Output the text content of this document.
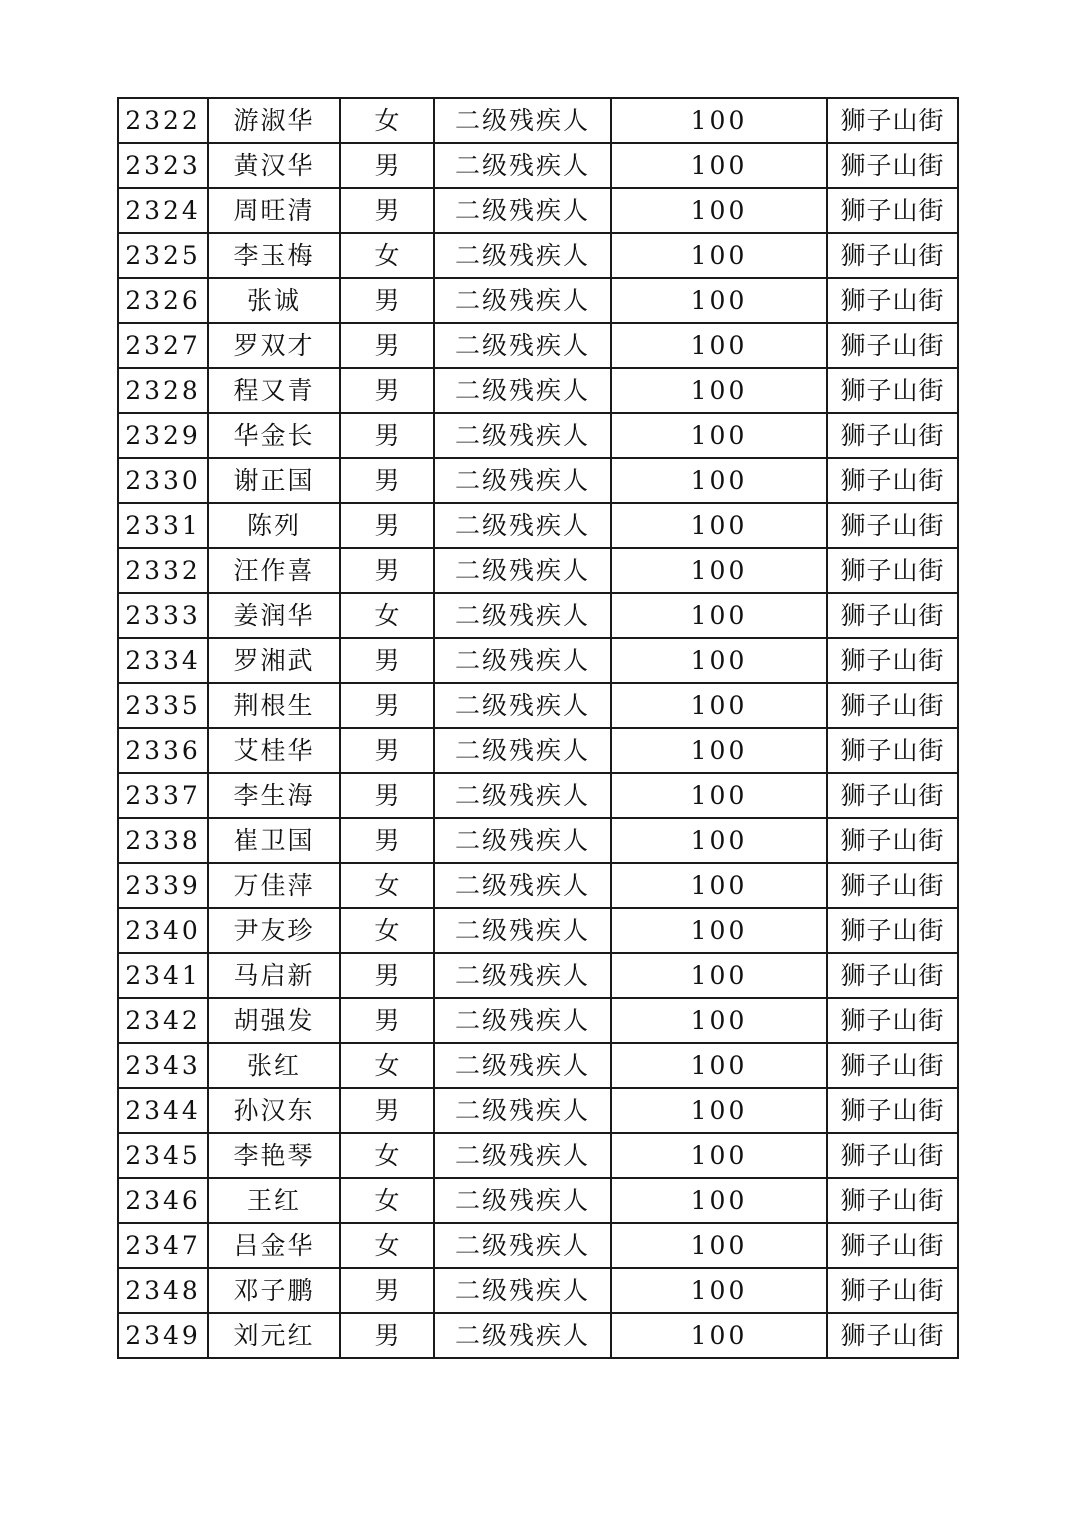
2322	游淑华	女	二级残疾人	100	狮子山街
2323	黄汉华	男	二级残疾人	100	狮子山街
2324	周旺清	男	二级残疾人	100	狮子山街
2325	李玉梅	女	二级残疾人	100	狮子山街
2326	张诚	男	二级残疾人	100	狮子山街
2327	罗双才	男	二级残疾人	100	狮子山街
2328	程又青	男	二级残疾人	100	狮子山街
2329	华金长	男	二级残疾人	100	狮子山街
2330	谢正国	男	二级残疾人	100	狮子山街
2331	陈列	男	二级残疾人	100	狮子山街
2332	汪作喜	男	二级残疾人	100	狮子山街
2333	姜润华	女	二级残疾人	100	狮子山街
2334	罗湘武	男	二级残疾人	100	狮子山街
2335	荆根生	男	二级残疾人	100	狮子山街
2336	艾桂华	男	二级残疾人	100	狮子山街
2337	李生海	男	二级残疾人	100	狮子山街
2338	崔卫国	男	二级残疾人	100	狮子山街
2339	万佳萍	女	二级残疾人	100	狮子山街
2340	尹友珍	女	二级残疾人	100	狮子山街
2341	马启新	男	二级残疾人	100	狮子山街
2342	胡强发	男	二级残疾人	100	狮子山街
2343	张红	女	二级残疾人	100	狮子山街
2344	孙汉东	男	二级残疾人	100	狮子山街
2345	李艳琴	女	二级残疾人	100	狮子山街
2346	王红	女	二级残疾人	100	狮子山街
2347	吕金华	女	二级残疾人	100	狮子山街
2348	邓子鹏	男	二级残疾人	100	狮子山街
2349	刘元红	男	二级残疾人	100	狮子山街
